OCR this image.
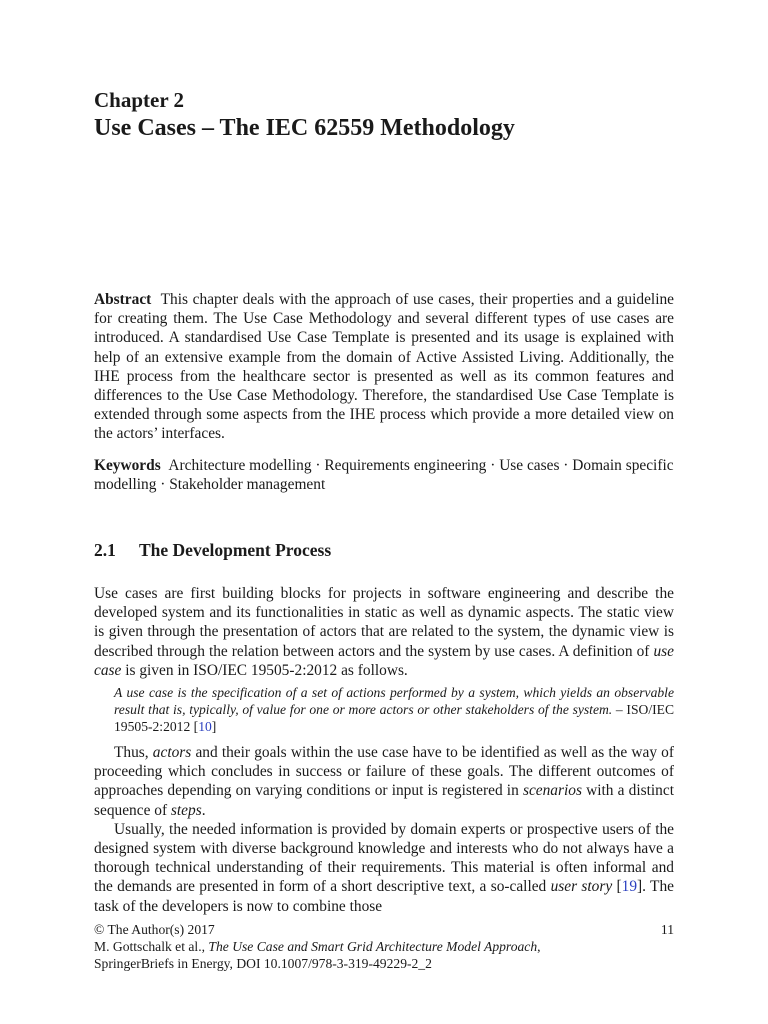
Chapter 2
Use Cases – The IEC 62559 Methodology

Abstract This chapter deals with the approach of use cases, their properties and a guideline for creating them. The Use Case Methodology and several different types of use cases are introduced. A standardised Use Case Template is presented and its usage is explained with help of an extensive example from the domain of Active Assisted Living. Additionally, the IHE process from the healthcare sector is presented as well as its common features and differences to the Use Case Methodology. Therefore, the standardised Use Case Template is extended through some aspects from the IHE process which provide a more detailed view on the actors’ interfaces.

Keywords Architecture modelling · Requirements engineering · Use cases · Domain specific modelling · Stakeholder management

2.1 The Development Process

Use cases are first building blocks for projects in software engineering and describe the developed system and its functionalities in static as well as dynamic aspects. The static view is given through the presentation of actors that are related to the system, the dynamic view is described through the relation between actors and the system by use cases. A definition of use case is given in ISO/IEC 19505-2:2012 as follows.

A use case is the specification of a set of actions performed by a system, which yields an observable result that is, typically, of value for one or more actors or other stakeholders of the system. – ISO/IEC 19505-2:2012 [10]

Thus, actors and their goals within the use case have to be identified as well as the way of proceeding which concludes in success or failure of these goals. The different outcomes of approaches depending on varying conditions or input is registered in scenarios with a distinct sequence of steps.

Usually, the needed information is provided by domain experts or prospective users of the designed system with diverse background knowledge and interests who do not always have a thorough technical understanding of their requirements. This material is often informal and the demands are presented in form of a short descriptive text, a so-called user story [19]. The task of the developers is now to combine those

© The Author(s) 2017	11

M. Gottschalk et al., The Use Case and Smart Grid Architecture Model Approach,

SpringerBriefs in Energy, DOI 10.1007/978-3-319-49229-2_2
